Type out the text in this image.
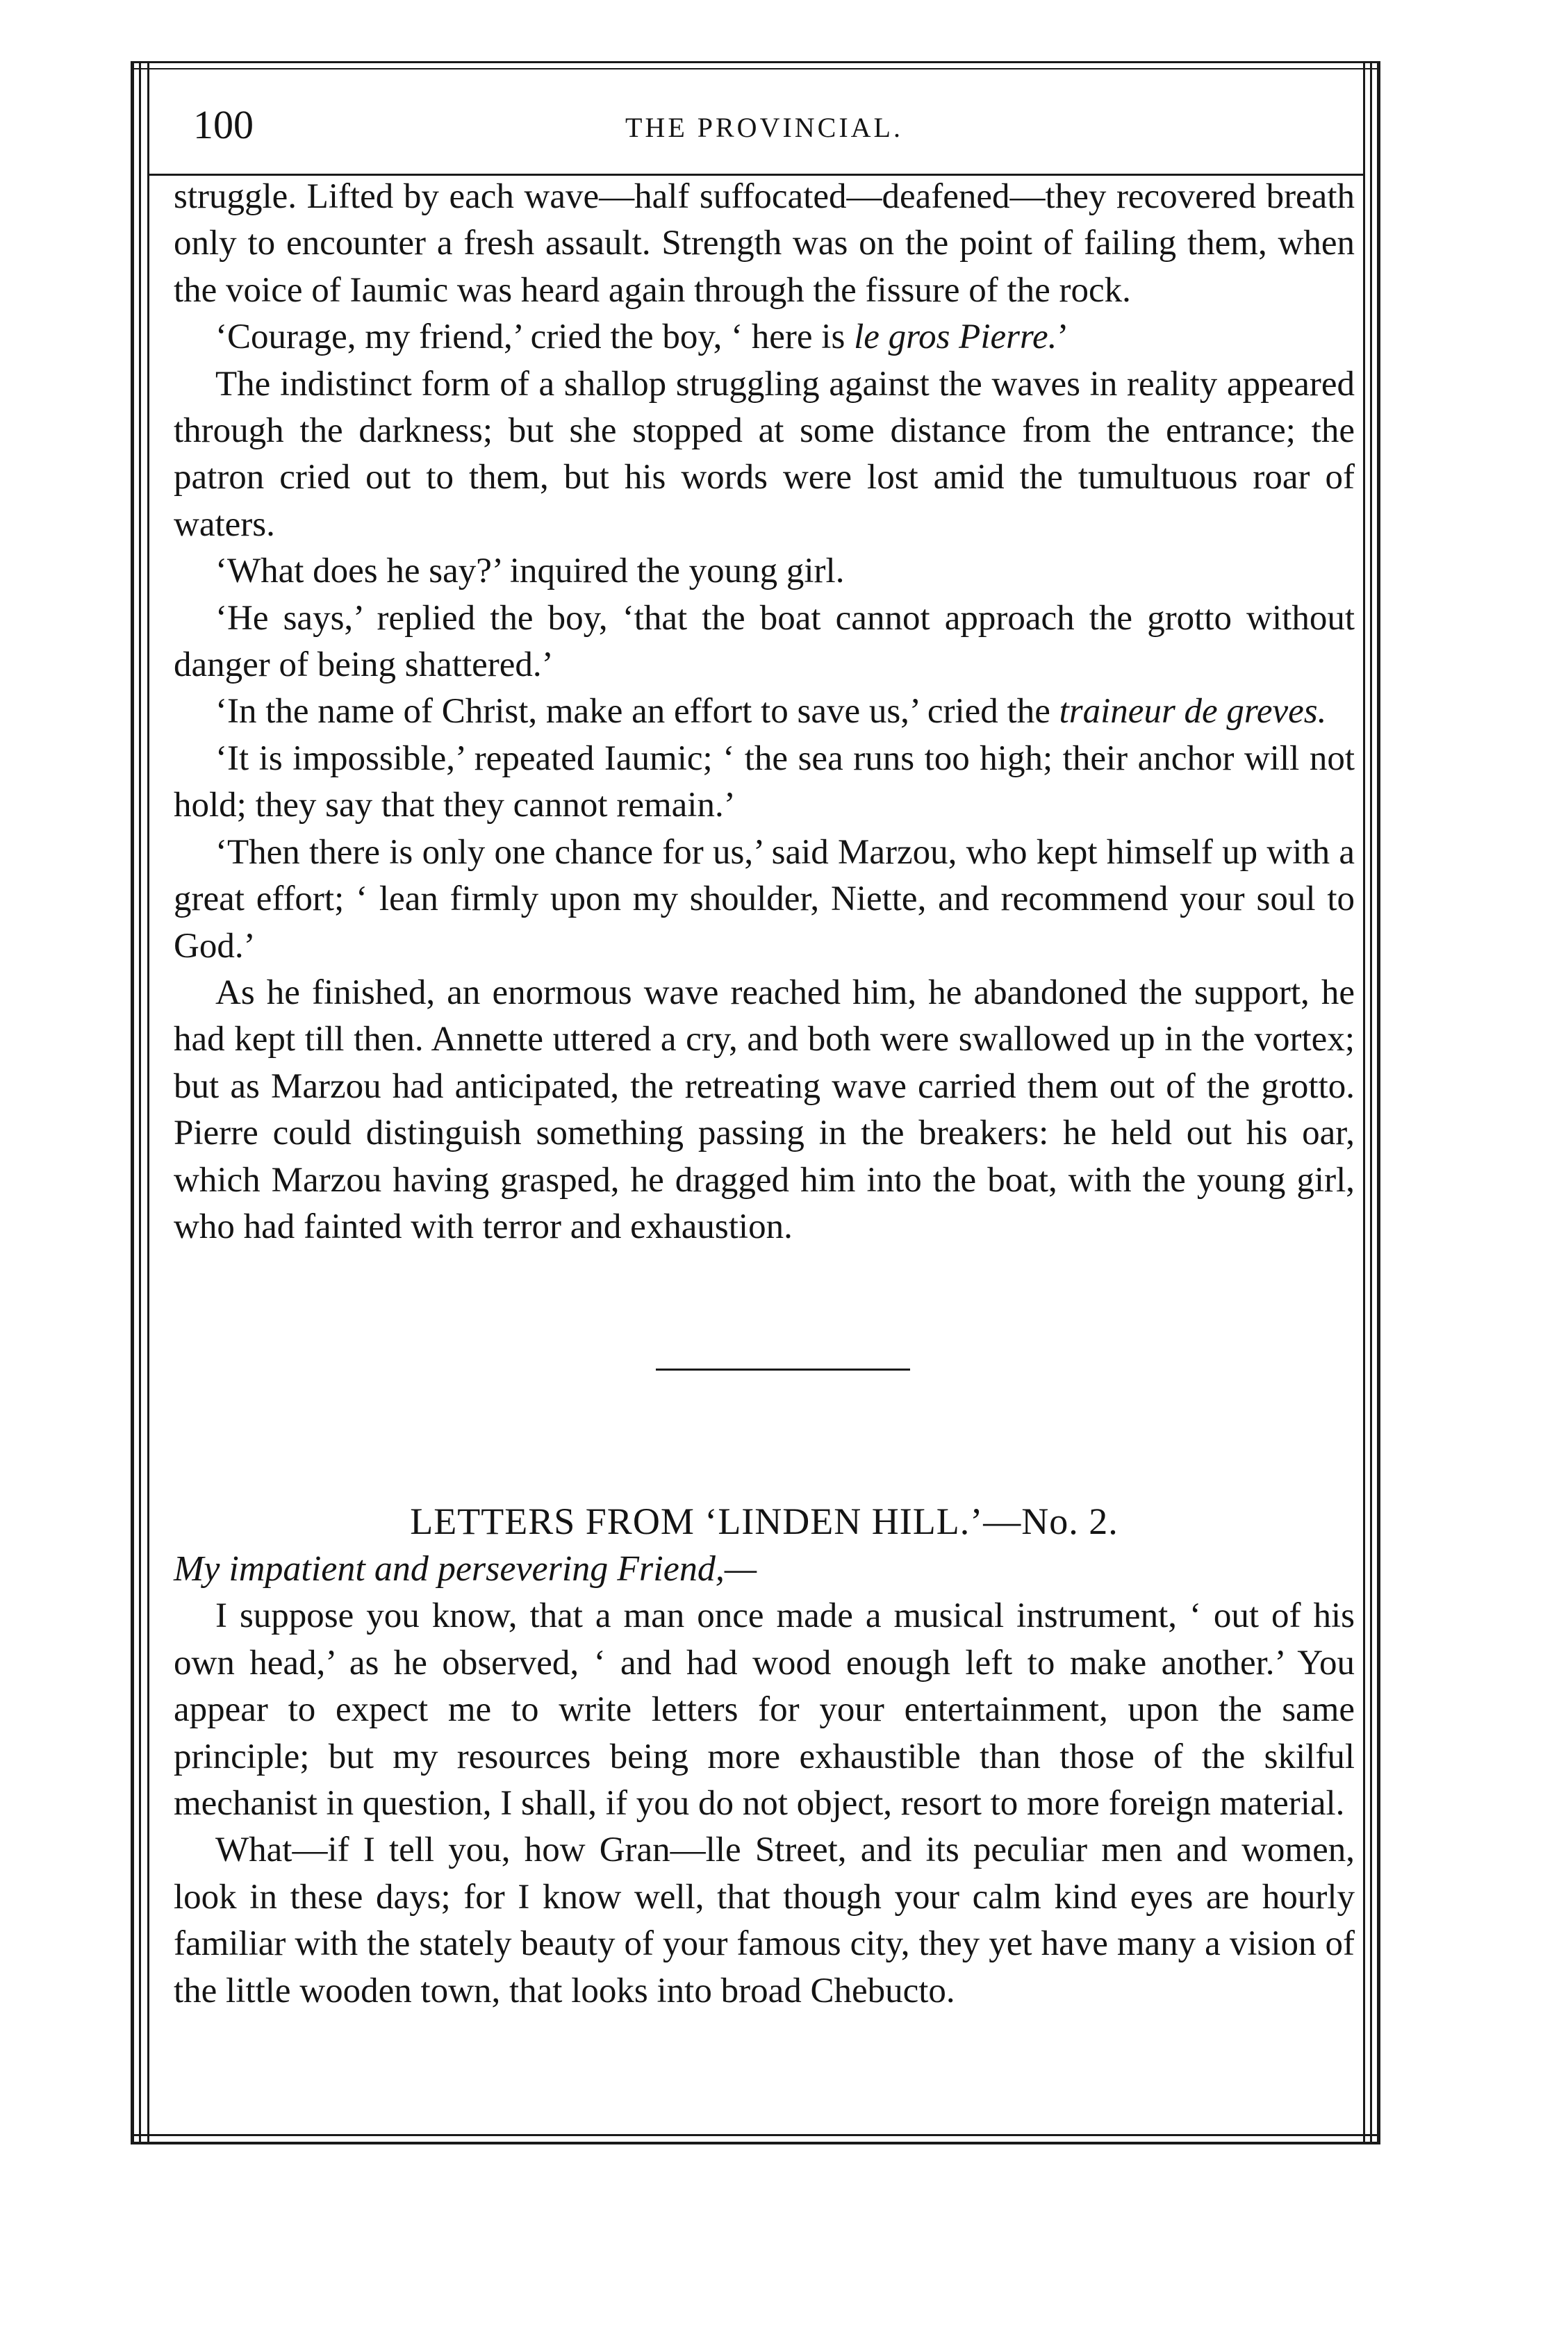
100	THE PROVINCIAL.

struggle. Lifted by each wave—half suffocated—deafened—they recovered breath only to encounter a fresh assault. Strength was on the point of failing them, when the voice of Iaumic was heard again through the fissure of the rock.

‘Courage, my friend,’ cried the boy, ‘ here is le gros Pierre.’

The indistinct form of a shallop struggling against the waves in reality appeared through the darkness; but she stopped at some distance from the entrance; the patron cried out to them, but his words were lost amid the tumultuous roar of waters.

‘What does he say?’ inquired the young girl.

‘He says,’ replied the boy, ‘that the boat cannot approach the grotto without danger of being shattered.’

‘In the name of Christ, make an effort to save us,’ cried the traineur de greves.

‘It is impossible,’ repeated Iaumic; ‘ the sea runs too high; their anchor will not hold; they say that they cannot remain.’

‘Then there is only one chance for us,’ said Marzou, who kept himself up with a great effort; ‘ lean firmly upon my shoulder, Niette, and recommend your soul to God.’

As he finished, an enormous wave reached him, he abandoned the support, he had kept till then. Annette uttered a cry, and both were swallowed up in the vortex; but as Marzou had anticipated, the retreating wave carried them out of the grotto. Pierre could distinguish something passing in the breakers: he held out his oar, which Marzou having grasped, he dragged him into the boat, with the young girl, who had fainted with terror and exhaustion.

LETTERS FROM ‘LINDEN HILL.’—No. 2.
My impatient and persevering Friend,—

I suppose you know, that a man once made a musical instrument, ‘ out of his own head,’ as he observed, ‘ and had wood enough left to make another.’ You appear to expect me to write letters for your entertainment, upon the same principle; but my resources being more exhaustible than those of the skilful mechanist in question, I shall, if you do not object, resort to more foreign material.

What—if I tell you, how Gran—lle Street, and its peculiar men and women, look in these days; for I know well, that though your calm kind eyes are hourly familiar with the stately beauty of your famous city, they yet have many a vision of the little wooden town, that looks into broad Chebucto.
